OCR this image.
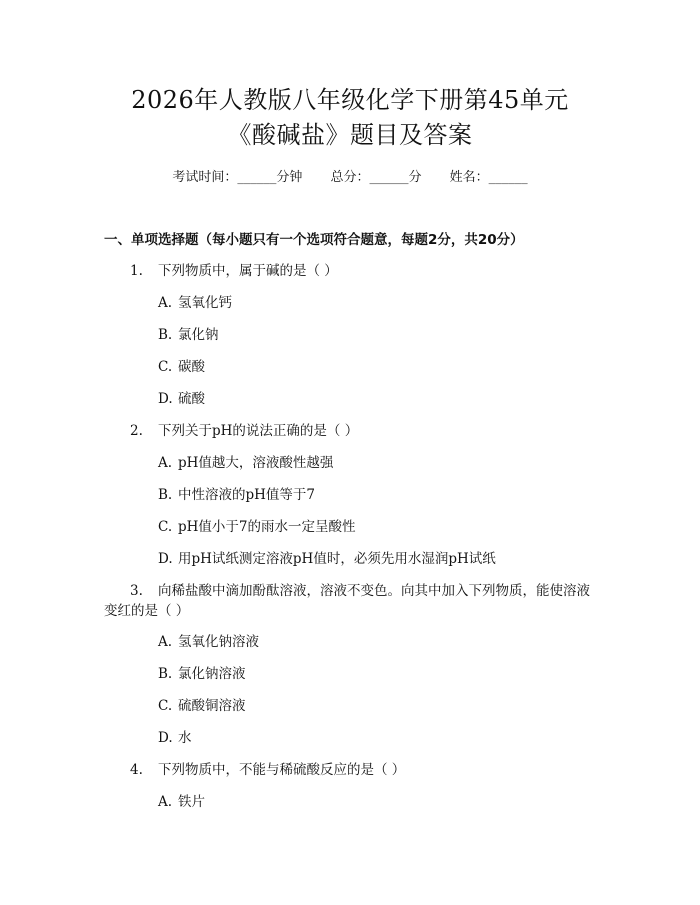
2026年人教版八年级化学下册第45单元
《酸碱盐》题目及答案
考试时间：______分钟 总分：______分 姓名：______
一、单项选择题（每小题只有一个选项符合题意，每题2分，共20分）
1. 下列物质中，属于碱的是（ ）
A. 氢氧化钙
B. 氯化钠
C. 碳酸
D. 硫酸
2. 下列关于pH的说法正确的是（ ）
A. pH值越大，溶液酸性越强
B. 中性溶液的pH值等于7
C. pH值小于7的雨水一定呈酸性
D. 用pH试纸测定溶液pH值时，必须先用水湿润pH试纸
3. 向稀盐酸中滴加酚酞溶液，溶液不变色。向其中加入下列物质，能使溶液
变红的是（ ）
A. 氢氧化钠溶液
B. 氯化钠溶液
C. 硫酸铜溶液
D. 水
4. 下列物质中，不能与稀硫酸反应的是（ ）
A. 铁片
